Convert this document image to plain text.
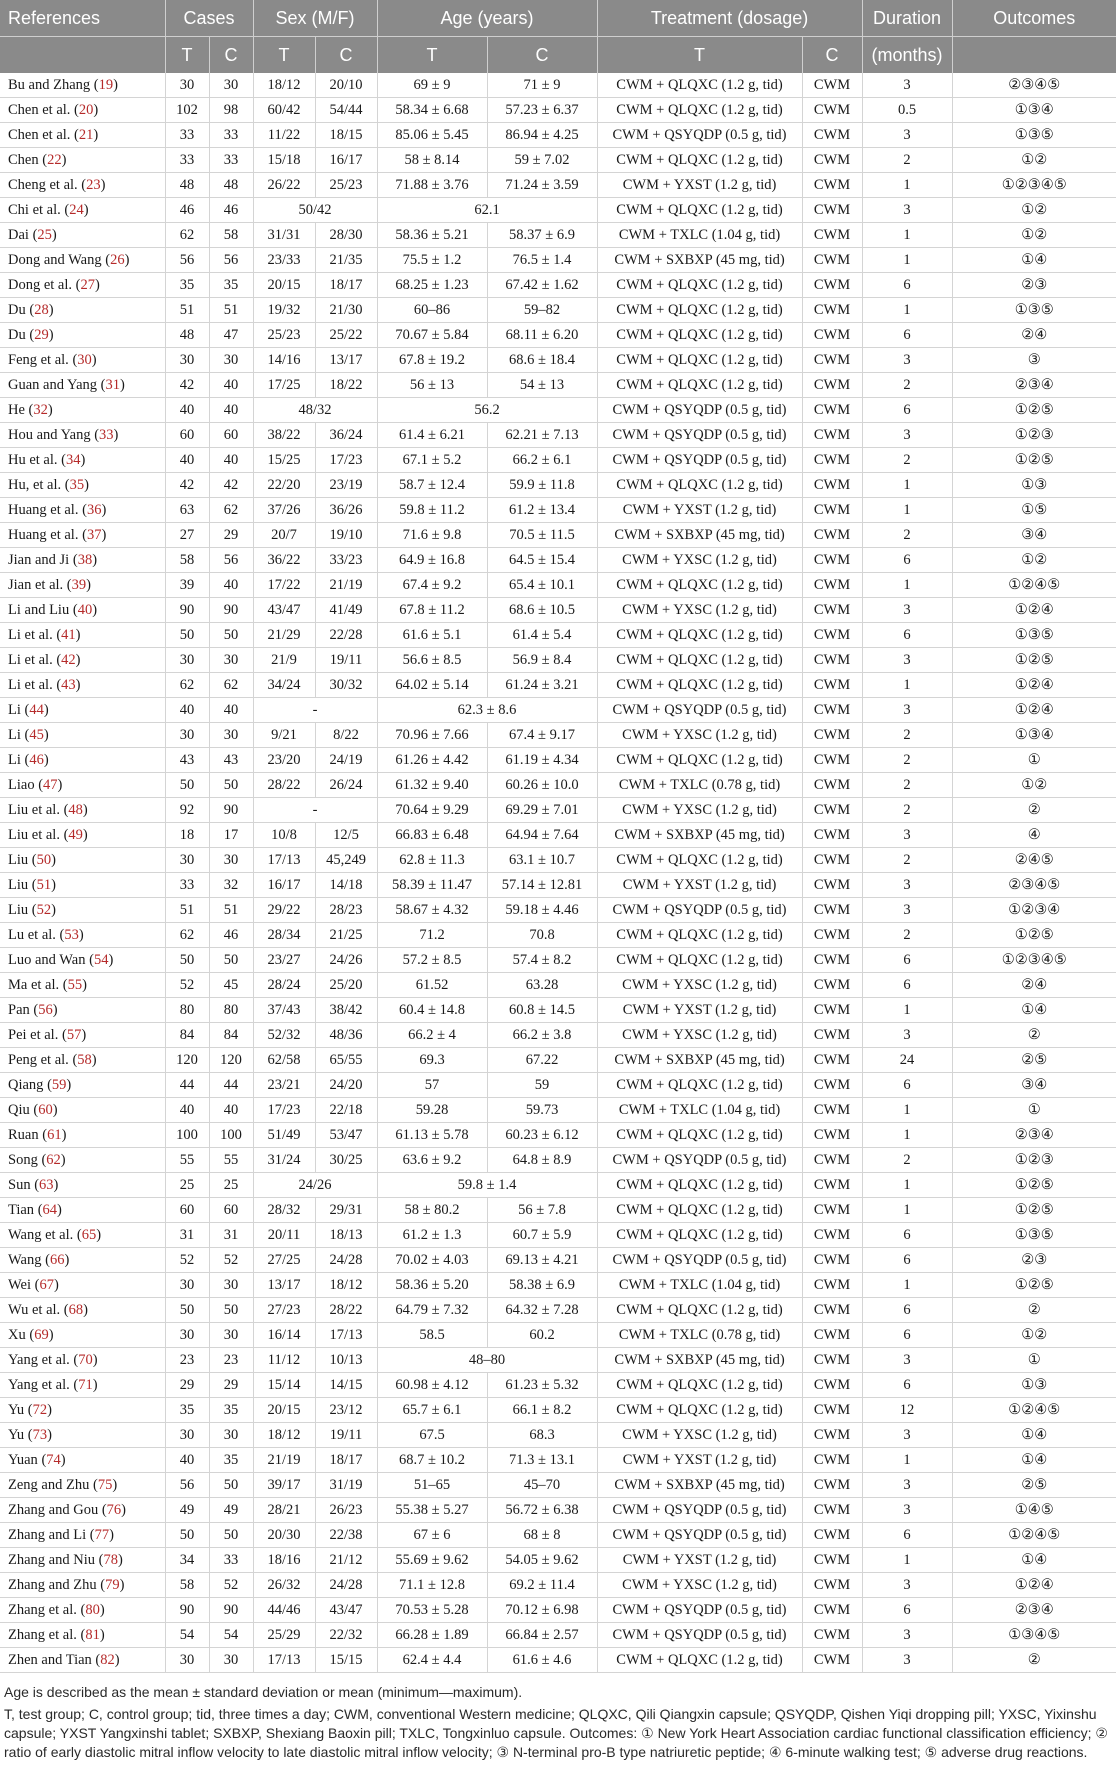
References	Cases		Sex (M/F)		Age (years)		Treatment (dosage)		Duration	Outcomes
	T	C	T	C	T	C	T	C	(months)	
Bu and Zhang (19)	30	30	18/12	20/10	69 ± 9	71 ± 9	CWM + QLQXC (1.2 g, tid)	CWM	3	②③④⑤
Chen et al. (20)	102	98	60/42	54/44	58.34 ± 6.68	57.23 ± 6.37	CWM + QLQXC (1.2 g, tid)	CWM	0.5	①③④
Chen et al. (21)	33	33	11/22	18/15	85.06 ± 5.45	86.94 ± 4.25	CWM + QSYQDP (0.5 g, tid)	CWM	3	①③⑤
Chen (22)	33	33	15/18	16/17	58 ± 8.14	59 ± 7.02	CWM + QLQXC (1.2 g, tid)	CWM	2	①②
Cheng et al. (23)	48	48	26/22	25/23	71.88 ± 3.76	71.24 ± 3.59	CWM + YXST (1.2 g, tid)	CWM	1	①②③④⑤
Chi et al. (24)	46	46	50/42		62.1		CWM + QLQXC (1.2 g, tid)	CWM	3	①②
Dai (25)	62	58	31/31	28/30	58.36 ± 5.21	58.37 ± 6.9	CWM + TXLC (1.04 g, tid)	CWM	1	①②
Dong and Wang (26)	56	56	23/33	21/35	75.5 ± 1.2	76.5 ± 1.4	CWM + SXBXP (45 mg, tid)	CWM	1	①④
Dong et al. (27)	35	35	20/15	18/17	68.25 ± 1.23	67.42 ± 1.62	CWM + QLQXC (1.2 g, tid)	CWM	6	②③
Du (28)	51	51	19/32	21/30	60–86	59–82	CWM + QLQXC (1.2 g, tid)	CWM	1	①③⑤
Du (29)	48	47	25/23	25/22	70.67 ± 5.84	68.11 ± 6.20	CWM + QLQXC (1.2 g, tid)	CWM	6	②④
Feng et al. (30)	30	30	14/16	13/17	67.8 ± 19.2	68.6 ± 18.4	CWM + QLQXC (1.2 g, tid)	CWM	3	③
Guan and Yang (31)	42	40	17/25	18/22	56 ± 13	54 ± 13	CWM + QLQXC (1.2 g, tid)	CWM	2	②③④
He (32)	40	40	48/32		56.2		CWM + QSYQDP (0.5 g, tid)	CWM	6	①②⑤
Hou and Yang (33)	60	60	38/22	36/24	61.4 ± 6.21	62.21 ± 7.13	CWM + QSYQDP (0.5 g, tid)	CWM	3	①②③
Hu et al. (34)	40	40	15/25	17/23	67.1 ± 5.2	66.2 ± 6.1	CWM + QSYQDP (0.5 g, tid)	CWM	2	①②⑤
Hu, et al. (35)	42	42	22/20	23/19	58.7 ± 12.4	59.9 ± 11.8	CWM + QLQXC (1.2 g, tid)	CWM	1	①③
Huang et al. (36)	63	62	37/26	36/26	59.8 ± 11.2	61.2 ± 13.4	CWM + YXST (1.2 g, tid)	CWM	1	①⑤
Huang et al. (37)	27	29	20/7	19/10	71.6 ± 9.8	70.5 ± 11.5	CWM + SXBXP (45 mg, tid)	CWM	2	③④
Jian and Ji (38)	58	56	36/22	33/23	64.9 ± 16.8	64.5 ± 15.4	CWM + YXSC (1.2 g, tid)	CWM	6	①②
Jian et al. (39)	39	40	17/22	21/19	67.4 ± 9.2	65.4 ± 10.1	CWM + QLQXC (1.2 g, tid)	CWM	1	①②④⑤
Li and Liu (40)	90	90	43/47	41/49	67.8 ± 11.2	68.6 ± 10.5	CWM + YXSC (1.2 g, tid)	CWM	3	①②④
Li et al. (41)	50	50	21/29	22/28	61.6 ± 5.1	61.4 ± 5.4	CWM + QLQXC (1.2 g, tid)	CWM	6	①③⑤
Li et al. (42)	30	30	21/9	19/11	56.6 ± 8.5	56.9 ± 8.4	CWM + QLQXC (1.2 g, tid)	CWM	3	①②⑤
Li et al. (43)	62	62	34/24	30/32	64.02 ± 5.14	61.24 ± 3.21	CWM + QLQXC (1.2 g, tid)	CWM	1	①②④
Li (44)	40	40	-		62.3 ± 8.6		CWM + QSYQDP (0.5 g, tid)	CWM	3	①②④
Li (45)	30	30	9/21	8/22	70.96 ± 7.66	67.4 ± 9.17	CWM + YXSC (1.2 g, tid)	CWM	2	①③④
Li (46)	43	43	23/20	24/19	61.26 ± 4.42	61.19 ± 4.34	CWM + QLQXC (1.2 g, tid)	CWM	2	①
Liao (47)	50	50	28/22	26/24	61.32 ± 9.40	60.26 ± 10.0	CWM + TXLC (0.78 g, tid)	CWM	2	①②
Liu et al. (48)	92	90	-		70.64 ± 9.29	69.29 ± 7.01	CWM + YXSC (1.2 g, tid)	CWM	2	②
Liu et al. (49)	18	17	10/8	12/5	66.83 ± 6.48	64.94 ± 7.64	CWM + SXBXP (45 mg, tid)	CWM	3	④
Liu (50)	30	30	17/13	45,249	62.8 ± 11.3	63.1 ± 10.7	CWM + QLQXC (1.2 g, tid)	CWM	2	②④⑤
Liu (51)	33	32	16/17	14/18	58.39 ± 11.47	57.14 ± 12.81	CWM + YXST (1.2 g, tid)	CWM	3	②③④⑤
Liu (52)	51	51	29/22	28/23	58.67 ± 4.32	59.18 ± 4.46	CWM + QSYQDP (0.5 g, tid)	CWM	3	①②③④
Lu et al. (53)	62	46	28/34	21/25	71.2	70.8	CWM + QLQXC (1.2 g, tid)	CWM	2	①②⑤
Luo and Wan (54)	50	50	23/27	24/26	57.2 ± 8.5	57.4 ± 8.2	CWM + QLQXC (1.2 g, tid)	CWM	6	①②③④⑤
Ma et al. (55)	52	45	28/24	25/20	61.52	63.28	CWM + YXSC (1.2 g, tid)	CWM	6	②④
Pan (56)	80	80	37/43	38/42	60.4 ± 14.8	60.8 ± 14.5	CWM + YXST (1.2 g, tid)	CWM	1	①④
Pei et al. (57)	84	84	52/32	48/36	66.2 ± 4	66.2 ± 3.8	CWM + YXSC (1.2 g, tid)	CWM	3	②
Peng et al. (58)	120	120	62/58	65/55	69.3	67.22	CWM + SXBXP (45 mg, tid)	CWM	24	②⑤
Qiang (59)	44	44	23/21	24/20	57	59	CWM + QLQXC (1.2 g, tid)	CWM	6	③④
Qiu (60)	40	40	17/23	22/18	59.28	59.73	CWM + TXLC (1.04 g, tid)	CWM	1	①
Ruan (61)	100	100	51/49	53/47	61.13 ± 5.78	60.23 ± 6.12	CWM + QLQXC (1.2 g, tid)	CWM	1	②③④
Song (62)	55	55	31/24	30/25	63.6 ± 9.2	64.8 ± 8.9	CWM + QSYQDP (0.5 g, tid)	CWM	2	①②③
Sun (63)	25	25	24/26		59.8 ± 1.4		CWM + QLQXC (1.2 g, tid)	CWM	1	①②⑤
Tian (64)	60	60	28/32	29/31	58 ± 80.2	56 ± 7.8	CWM + QLQXC (1.2 g, tid)	CWM	1	①②⑤
Wang et al. (65)	31	31	20/11	18/13	61.2 ± 1.3	60.7 ± 5.9	CWM + QLQXC (1.2 g, tid)	CWM	6	①③⑤
Wang (66)	52	52	27/25	24/28	70.02 ± 4.03	69.13 ± 4.21	CWM + QSYQDP (0.5 g, tid)	CWM	6	②③
Wei (67)	30	30	13/17	18/12	58.36 ± 5.20	58.38 ± 6.9	CWM + TXLC (1.04 g, tid)	CWM	1	①②⑤
Wu et al. (68)	50	50	27/23	28/22	64.79 ± 7.32	64.32 ± 7.28	CWM + QLQXC (1.2 g, tid)	CWM	6	②
Xu (69)	30	30	16/14	17/13	58.5	60.2	CWM + TXLC (0.78 g, tid)	CWM	6	①②
Yang et al. (70)	23	23	11/12	10/13	48–80		CWM + SXBXP (45 mg, tid)	CWM	3	①
Yang et al. (71)	29	29	15/14	14/15	60.98 ± 4.12	61.23 ± 5.32	CWM + QLQXC (1.2 g, tid)	CWM	6	①③
Yu (72)	35	35	20/15	23/12	65.7 ± 6.1	66.1 ± 8.2	CWM + QLQXC (1.2 g, tid)	CWM	12	①②④⑤
Yu (73)	30	30	18/12	19/11	67.5	68.3	CWM + YXSC (1.2 g, tid)	CWM	3	①④
Yuan (74)	40	35	21/19	18/17	68.7 ± 10.2	71.3 ± 13.1	CWM + YXST (1.2 g, tid)	CWM	1	①④
Zeng and Zhu (75)	56	50	39/17	31/19	51–65	45–70	CWM + SXBXP (45 mg, tid)	CWM	3	②⑤
Zhang and Gou (76)	49	49	28/21	26/23	55.38 ± 5.27	56.72 ± 6.38	CWM + QSYQDP (0.5 g, tid)	CWM	3	①④⑤
Zhang and Li (77)	50	50	20/30	22/38	67 ± 6	68 ± 8	CWM + QSYQDP (0.5 g, tid)	CWM	6	①②④⑤
Zhang and Niu (78)	34	33	18/16	21/12	55.69 ± 9.62	54.05 ± 9.62	CWM + YXST (1.2 g, tid)	CWM	1	①④
Zhang and Zhu (79)	58	52	26/32	24/28	71.1 ± 12.8	69.2 ± 11.4	CWM + YXSC (1.2 g, tid)	CWM	3	①②④
Zhang et al. (80)	90	90	44/46	43/47	70.53 ± 5.28	70.12 ± 6.98	CWM + QSYQDP (0.5 g, tid)	CWM	6	②③④
Zhang et al. (81)	54	54	25/29	22/32	66.28 ± 1.89	66.84 ± 2.57	CWM + QSYQDP (0.5 g, tid)	CWM	3	①③④⑤
Zhen and Tian (82)	30	30	17/13	15/15	62.4 ± 4.4	61.6 ± 4.6	CWM + QLQXC (1.2 g, tid)	CWM	3	②

Age is described as the mean ± standard deviation or mean (minimum—maximum).

T, test group; C, control group; tid, three times a day; CWM, conventional Western medicine; QLQXC, Qili Qiangxin capsule; QSYQDP, Qishen Yiqi dropping pill; YXSC, Yixinshu capsule; YXST Yangxinshi tablet; SXBXP, Shexiang Baoxin pill; TXLC, Tongxinluo capsule. Outcomes: ① New York Heart Association cardiac functional classification efficiency; ② ratio of early diastolic mitral inflow velocity to late diastolic mitral inflow velocity; ③ N-terminal pro-B type natriuretic peptide; ④ 6-minute walking test; ⑤ adverse drug reactions.
